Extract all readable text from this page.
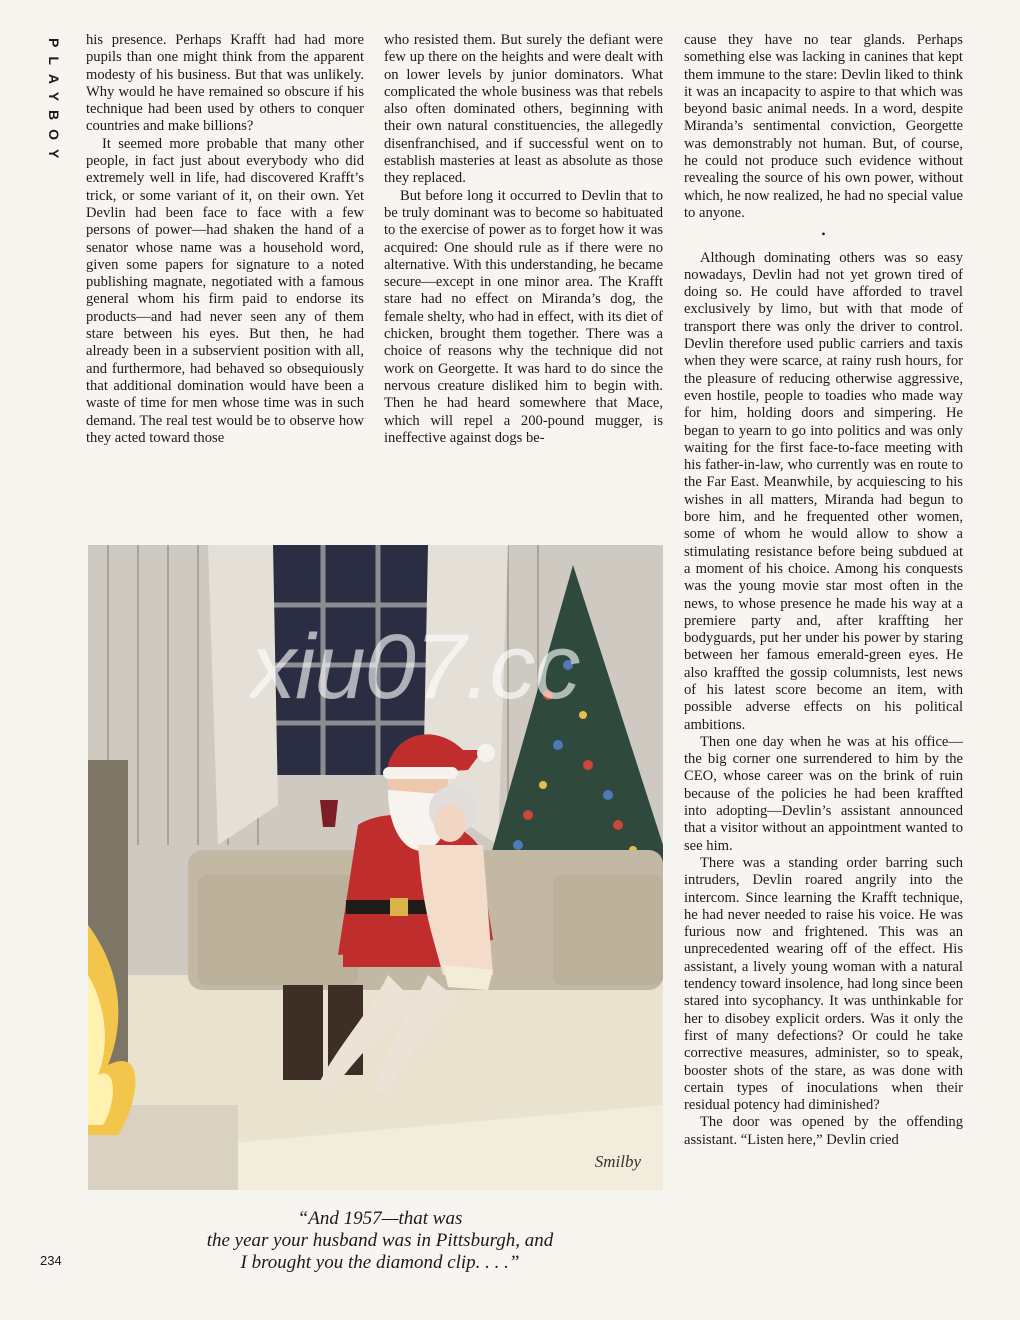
PLAYBOY his presence. Perhaps Krafft had had more pupils than one might think from the apparent modesty of his business. But that was unlikely. Why would he have remained so obscure if his technique had been used by others to conquer countries and make billions?

It seemed more probable that many other people, in fact just about everybody who did extremely well in life, had discovered Krafft’s trick, or some variant of it, on their own. Yet Devlin had been face to face with a few persons of power—had shaken the hand of a senator whose name was a household word, given some papers for signature to a noted publishing magnate, negotiated with a famous general whom his firm paid to endorse its products—and had never seen any of them stare between his eyes. But then, he had already been in a subservient position with all, and furthermore, had behaved so obsequiously that additional domination would have been a waste of time for men whose time was in such demand. The real test would be to observe how they acted toward those

who resisted them. But surely the defiant were few up there on the heights and were dealt with on lower levels by junior dominators. What complicated the whole business was that rebels also often dominated others, beginning with their own natural constituencies, the allegedly disenfranchised, and if successful went on to establish masteries at least as absolute as those they replaced.

But before long it occurred to Devlin that to be truly dominant was to become so habituated to the exercise of power as to forget how it was acquired: One should rule as if there were no alternative. With this understanding, he became secure—except in one minor area. The Krafft stare had no effect on Miranda’s dog, the female shelty, who had in effect, with its diet of chicken, brought them together. There was a choice of reasons why the technique did not work on Georgette. It was hard to do since the nervous creature disliked him to begin with. Then he had heard somewhere that Mace, which will repel a 200-pound mugger, is ineffective against dogs be-

cause they have no tear glands. Perhaps something else was lacking in canines that kept them immune to the stare: Devlin liked to think it was an incapacity to aspire to that which was beyond basic animal needs. In a word, despite Miranda’s sentimental conviction, Georgette was demonstrably not human. But, of course, he could not produce such evidence without revealing the source of his own power, without which, he now realized, he had no special value to anyone.

•

Although dominating others was so easy nowadays, Devlin had not yet grown tired of doing so. He could have afforded to travel exclusively by limo, but with that mode of transport there was only the driver to control. Devlin therefore used public carriers and taxis when they were scarce, at rainy rush hours, for the pleasure of reducing otherwise aggressive, even hostile, people to toadies who made way for him, holding doors and simpering. He began to yearn to go into politics and was only waiting for the first face-to-face meeting with his father-in-law, who currently was en route to the Far East. Meanwhile, by acquiescing to his wishes in all matters, Miranda had begun to bore him, and he frequented other women, some of whom he would allow to show a stimulating resistance before being subdued at a moment of his choice. Among his conquests was the young movie star most often in the news, to whose presence he made his way at a premiere party and, after kraffting her bodyguards, put her under his power by staring between her famous emerald-green eyes. He also kraffted the gossip columnists, lest news of his latest score become an item, with possible adverse effects on his political ambitions.

Then one day when he was at his office—the big corner one surrendered to him by the CEO, whose career was on the brink of ruin because of the policies he had been kraffted into adopting—Devlin’s assistant announced that a visitor without an appointment wanted to see him.

There was a standing order barring such intruders, Devlin roared angrily into the intercom. Since learning the Krafft technique, he had never needed to raise his voice. He was furious now and frightened. This was an unprecedented wearing off of the effect. His assistant, a lively young woman with a natural tendency toward insolence, had long since been stared into sycophancy. It was unthinkable for her to disobey explicit orders. Was it only the first of many defections? Or could he take corrective measures, administer, so to speak, booster shots of the stare, as was done with certain types of inoculations when their residual potency had diminished?

The door was opened by the offending assistant. “Listen here,” Devlin cried

Smilby
xiu07.cc
“And 1957—that was
the year your husband was in Pittsburgh, and
I brought you the diamond clip. . . .”
234
